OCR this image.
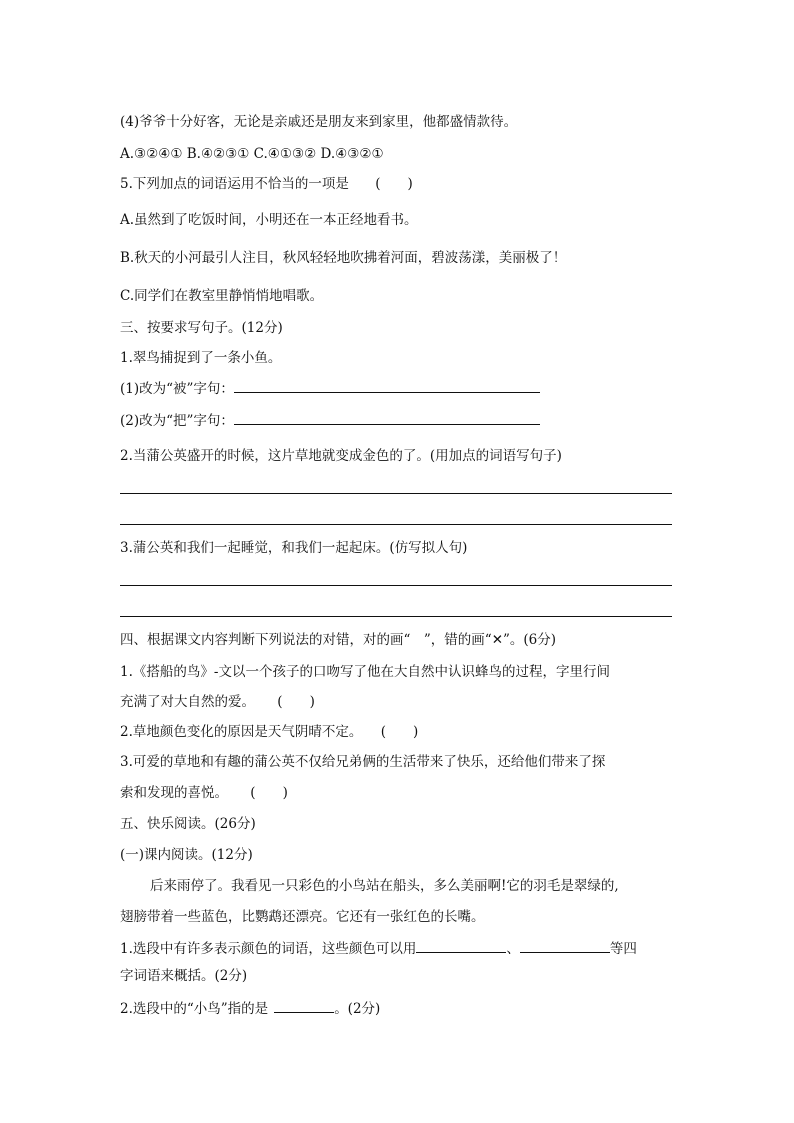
(4)爷爷十分好客，无论是亲戚还是朋友来到家里，他都盛情款待。
A.③②④① B.④②③① C.④①③② D.④③②①
5.下列加点的词语运用不恰当的一项是 (　　)
A.虽然到了吃饭时间，小明还在一本正经地看书。
B.秋天的小河最引人注目，秋风轻轻地吹拂着河面，碧波荡漾，美丽极了！
C.同学们在教室里静悄悄地唱歌。
三、按要求写句子。(12分)
1.翠鸟捕捉到了一条小鱼。
(1)改为“被”字句：
(2)改为“把”字句：
2.当蒲公英盛开的时候，这片草地就变成金色的了。(用加点的词语写句子)
3.蒲公英和我们一起睡觉，和我们一起起床。(仿写拟人句)
四、根据课文内容判断下列说法的对错，对的画“　”，错的画“✕”。(6分)
1.《搭船的鸟》-文以一个孩子的口吻写了他在大自然中认识蜂鸟的过程，字里行间
充满了对大自然的爱。 (　　)
2.草地颜色变化的原因是天气阴晴不定。 (　　)
3.可爱的草地和有趣的蒲公英不仅给兄弟俩的生活带来了快乐，还给他们带来了探
索和发现的喜悦。 (　　)
五、快乐阅读。(26分)
(一)课内阅读。(12分)
后来雨停了。我看见一只彩色的小鸟站在船头，多么美丽啊!它的羽毛是翠绿的,
翅膀带着一些蓝色，比鹦鹉还漂亮。它还有一张红色的长嘴。
1.选段中有许多表示颜色的词语，这些颜色可以用	、	等四
字词语来概括。(2分)
2.选段中的“小鸟”指的是	。(2分)
